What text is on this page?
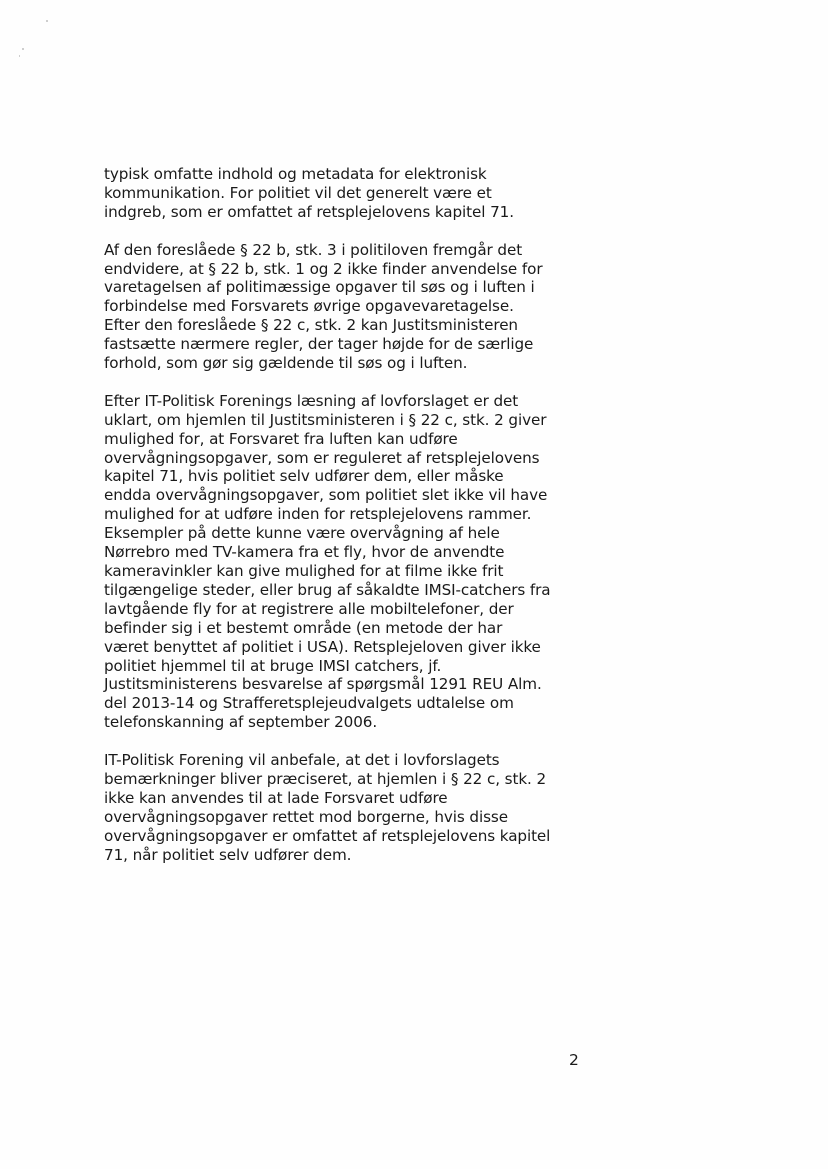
typisk omfatte indhold og metadata for elektronisk
kommunikation. For politiet vil det generelt være et
indgreb, som er omfattet af retsplejelovens kapitel 71.

Af den foreslåede § 22 b, stk. 3 i politiloven fremgår det
endvidere, at § 22 b, stk. 1 og 2 ikke finder anvendelse for
varetagelsen af politimæssige opgaver til søs og i luften i
forbindelse med Forsvarets øvrige opgavevaretagelse.
Efter den foreslåede § 22 c, stk. 2 kan Justitsministeren
fastsætte nærmere regler, der tager højde for de særlige
forhold, som gør sig gældende til søs og i luften.

Efter IT-Politisk Forenings læsning af lovforslaget er det
uklart, om hjemlen til Justitsministeren i § 22 c, stk. 2 giver
mulighed for, at Forsvaret fra luften kan udføre
overvågningsopgaver, som er reguleret af retsplejelovens
kapitel 71, hvis politiet selv udfører dem, eller måske
endda overvågningsopgaver, som politiet slet ikke vil have
mulighed for at udføre inden for retsplejelovens rammer.
Eksempler på dette kunne være overvågning af hele
Nørrebro med TV-kamera fra et fly, hvor de anvendte
kameravinkler kan give mulighed for at filme ikke frit
tilgængelige steder, eller brug af såkaldte IMSI-catchers fra
lavtgående fly for at registrere alle mobiltelefoner, der
befinder sig i et bestemt område (en metode der har
været benyttet af politiet i USA). Retsplejeloven giver ikke
politiet hjemmel til at bruge IMSI catchers, jf.
Justitsministerens besvarelse af spørgsmål 1291 REU Alm.
del 2013-14 og Strafferetsplejeudvalgets udtalelse om
telefonskanning af september 2006.

IT-Politisk Forening vil anbefale, at det i lovforslagets
bemærkninger bliver præciseret, at hjemlen i § 22 c, stk. 2
ikke kan anvendes til at lade Forsvaret udføre
overvågningsopgaver rettet mod borgerne, hvis disse
overvågningsopgaver er omfattet af retsplejelovens kapitel
71, når politiet selv udfører dem.

2
